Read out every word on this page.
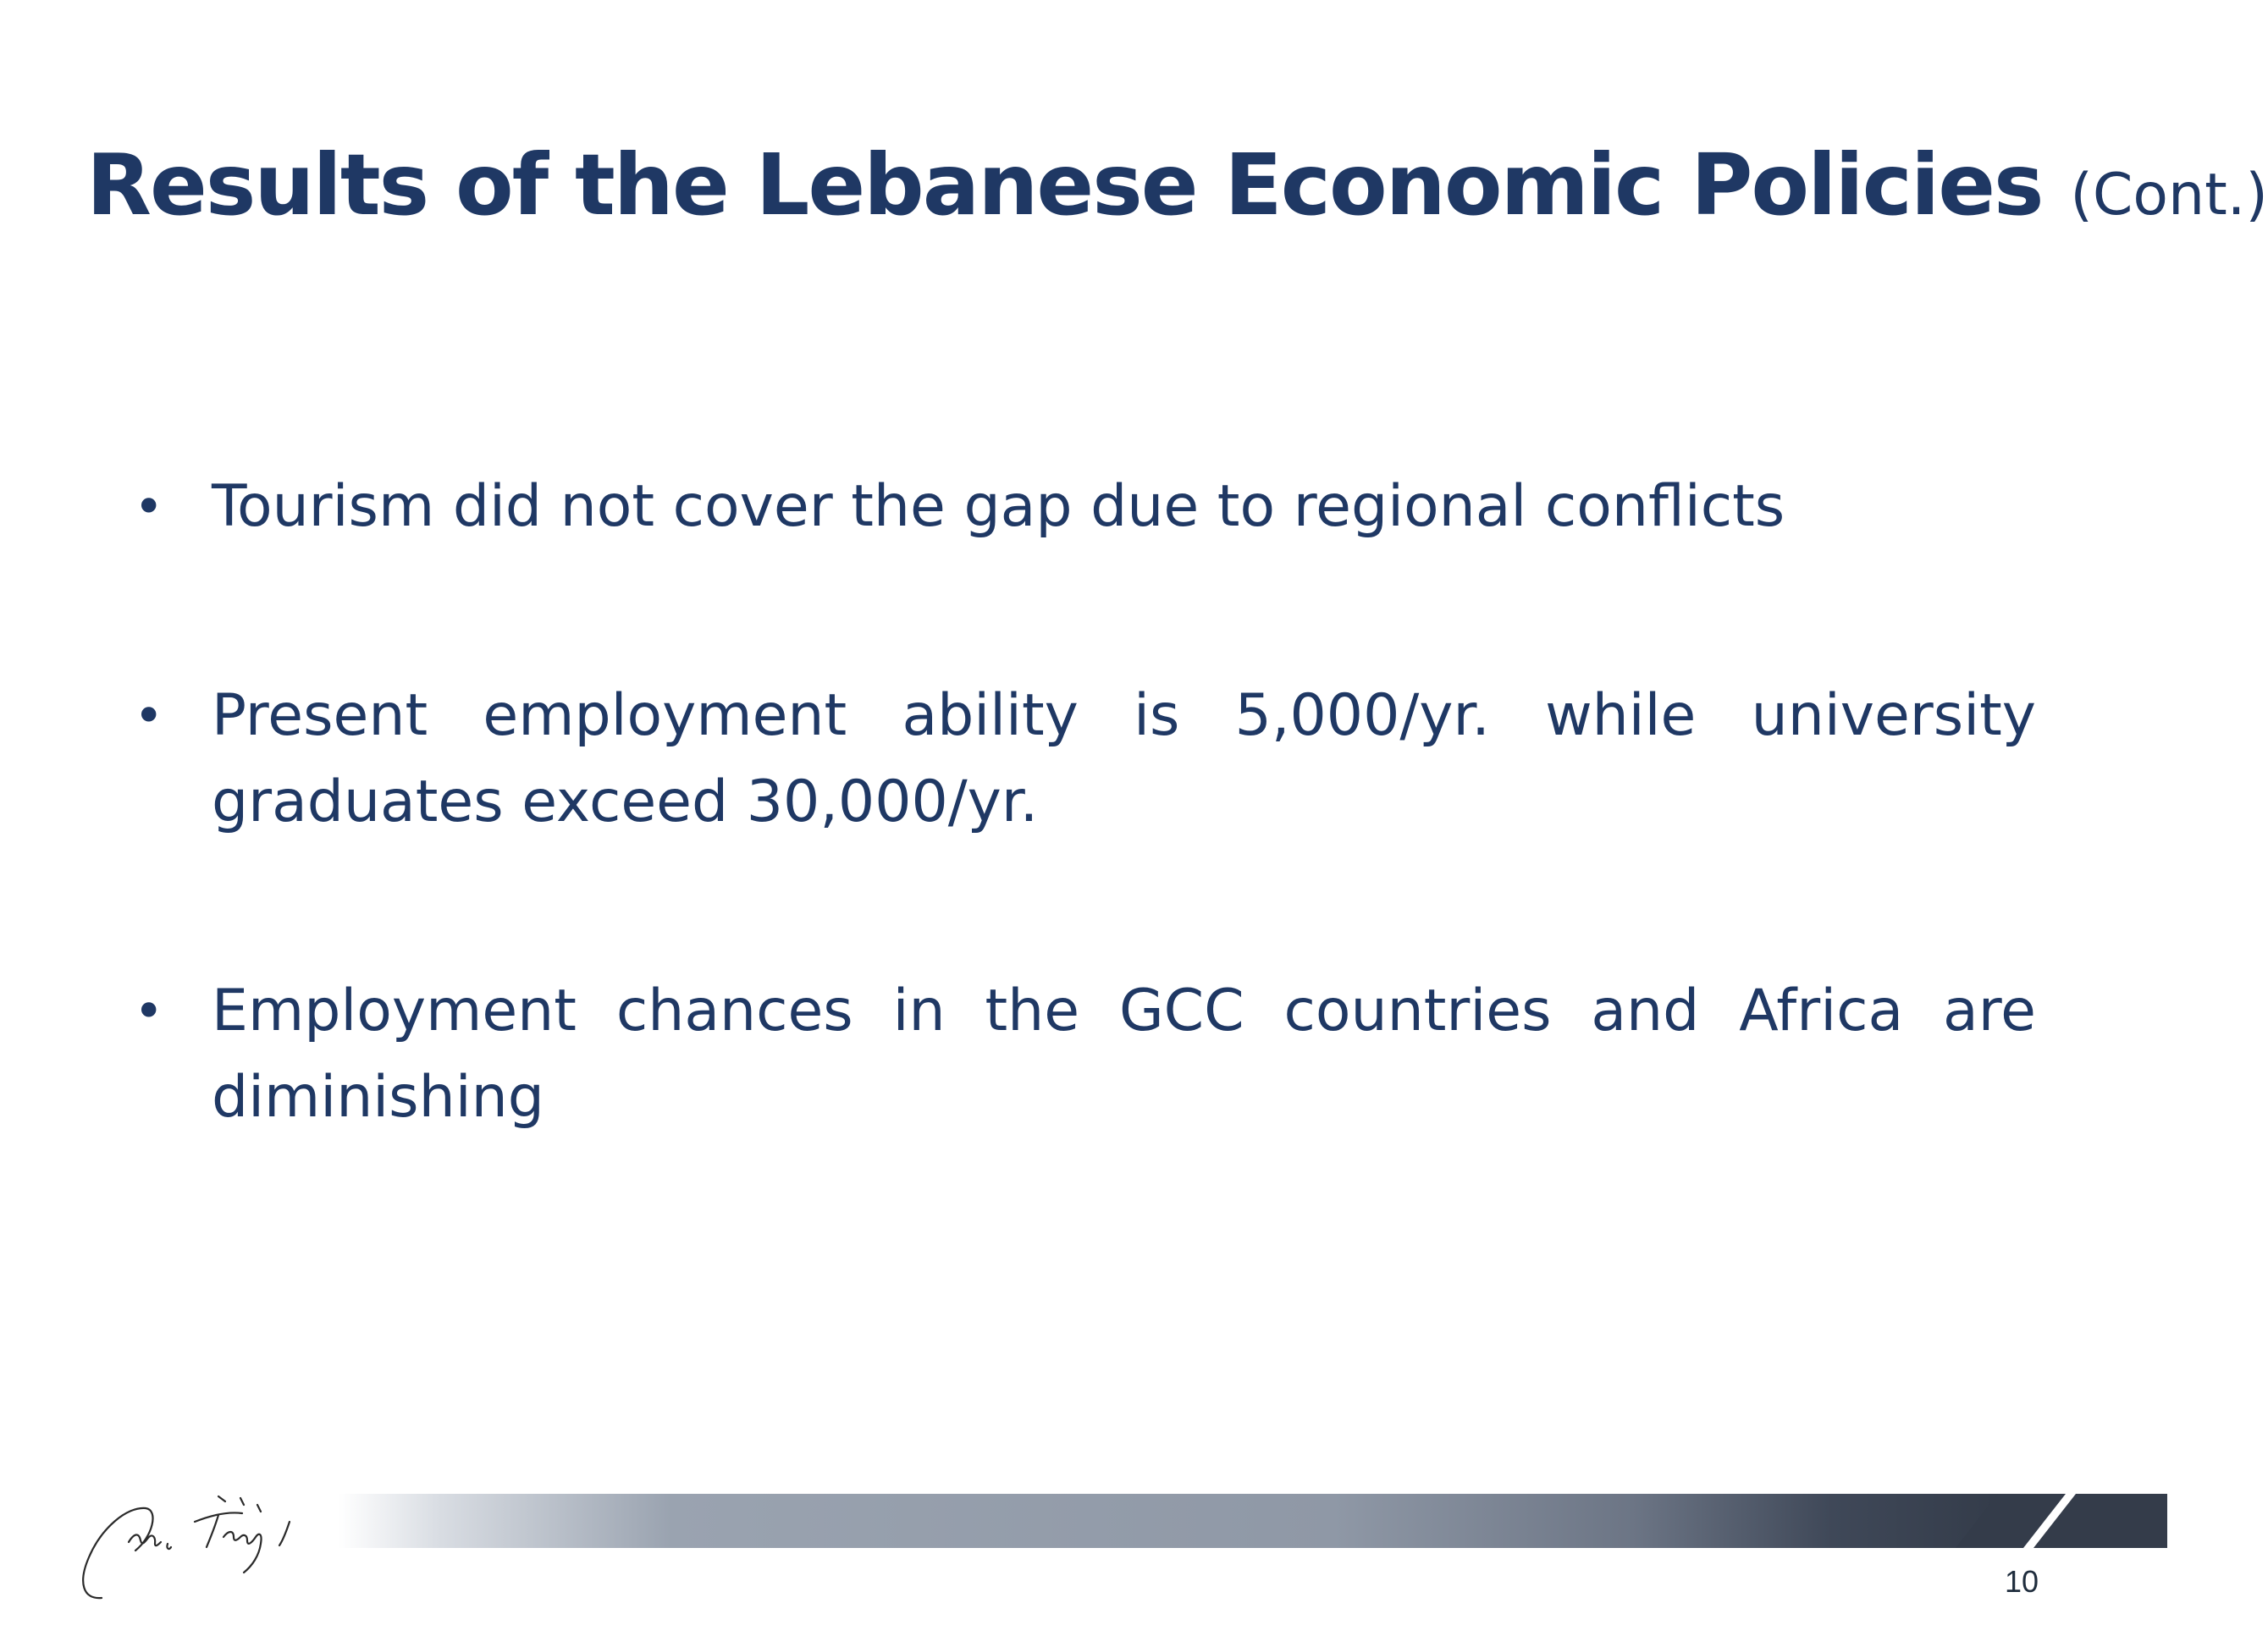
Results of the Lebanese Economic Policies (Cont.)
• Tourism did not cover the gap due to regional conflicts
• Present employment ability is 5,000/yr. while university graduates exceed 30,000/yr.
• Employment chances in the GCC countries and Africa are diminishing
10
